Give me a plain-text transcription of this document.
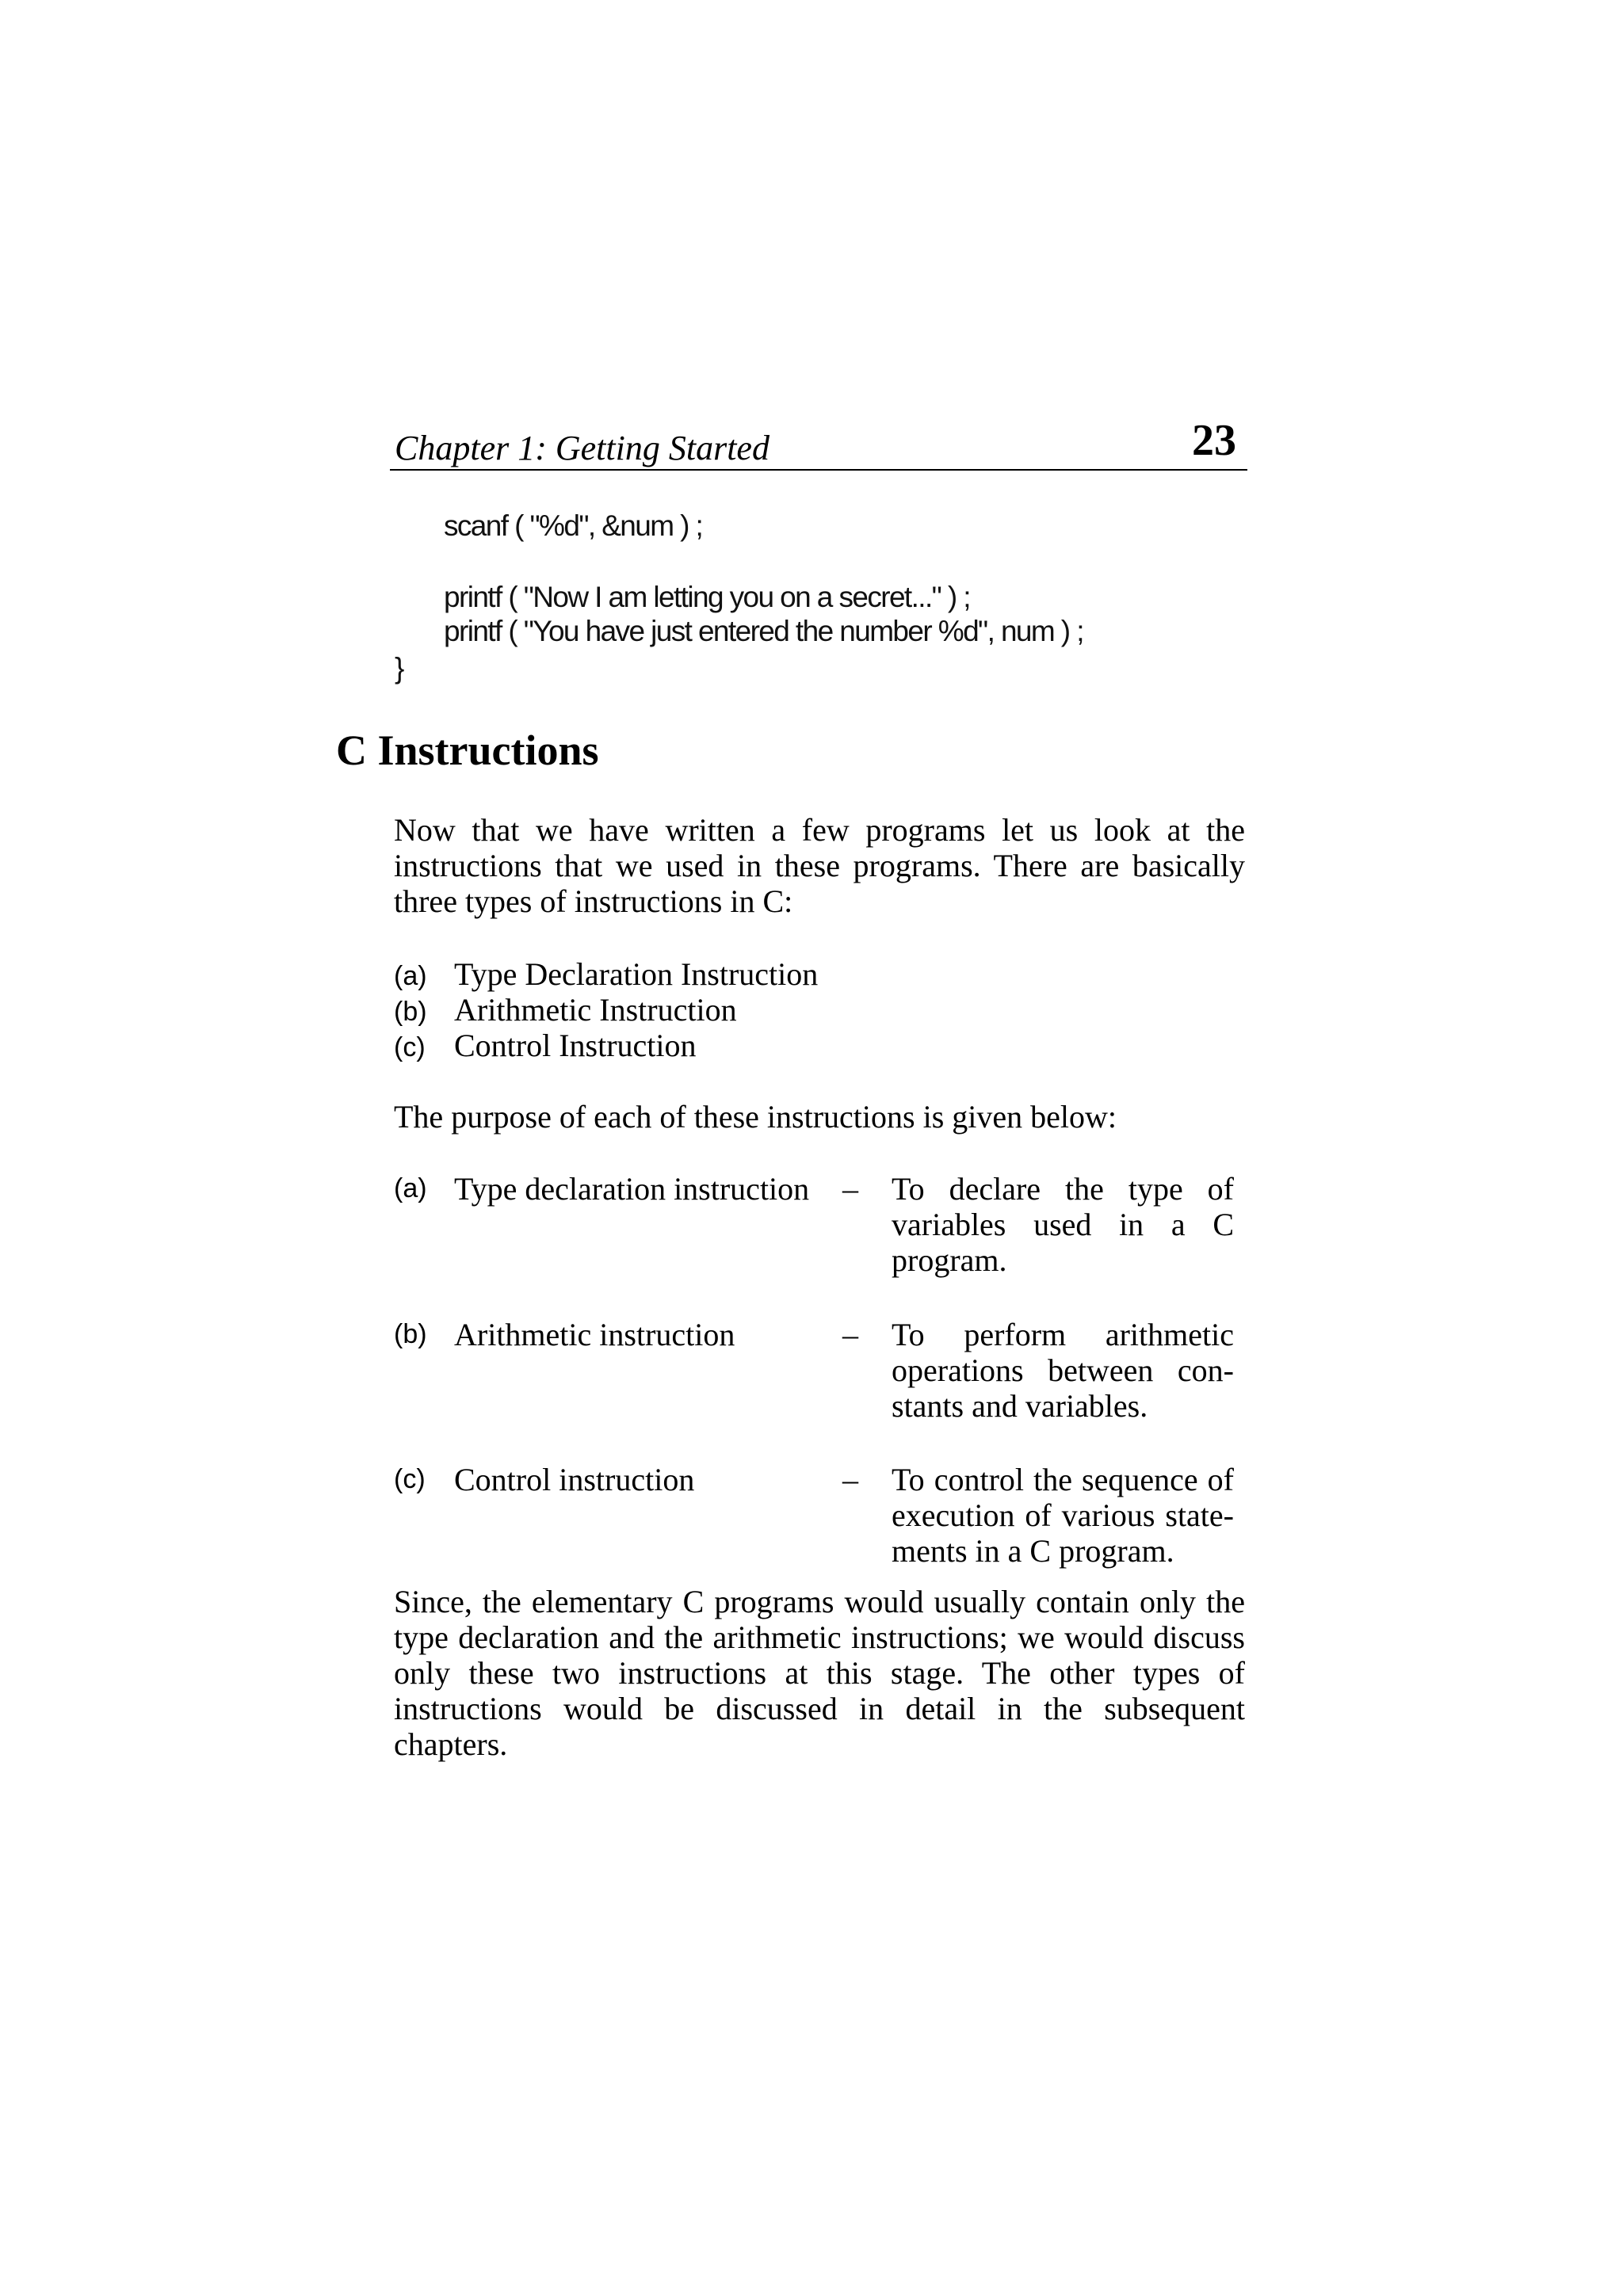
Chapter 1: Getting Started	23
scanf ( "%d", &num ) ;
printf ( "Now I am letting you on a secret..." ) ;
printf ( "You have just entered the number %d", num ) ;
}
C Instructions
Now that we have written a few programs let us look at the
instructions that we used in these programs. There are basically
three types of instructions in C:
(a) Type Declaration Instruction
(b) Arithmetic Instruction
(c) Control Instruction
The purpose of each of these instructions is given below:
(a) Type declaration instruction – To declare the type of
variables used in a C
program.
(b) Arithmetic instruction	– To perform arithmetic
operations between con-
stants and variables.
(c) Control instruction	– To control the sequence of
execution of various state-
ments in a C program.
Since, the elementary C programs would usually contain only the
type declaration and the arithmetic instructions; we would discuss
only these two instructions at this stage. The other types of
instructions would be discussed in detail in the subsequent
chapters.
